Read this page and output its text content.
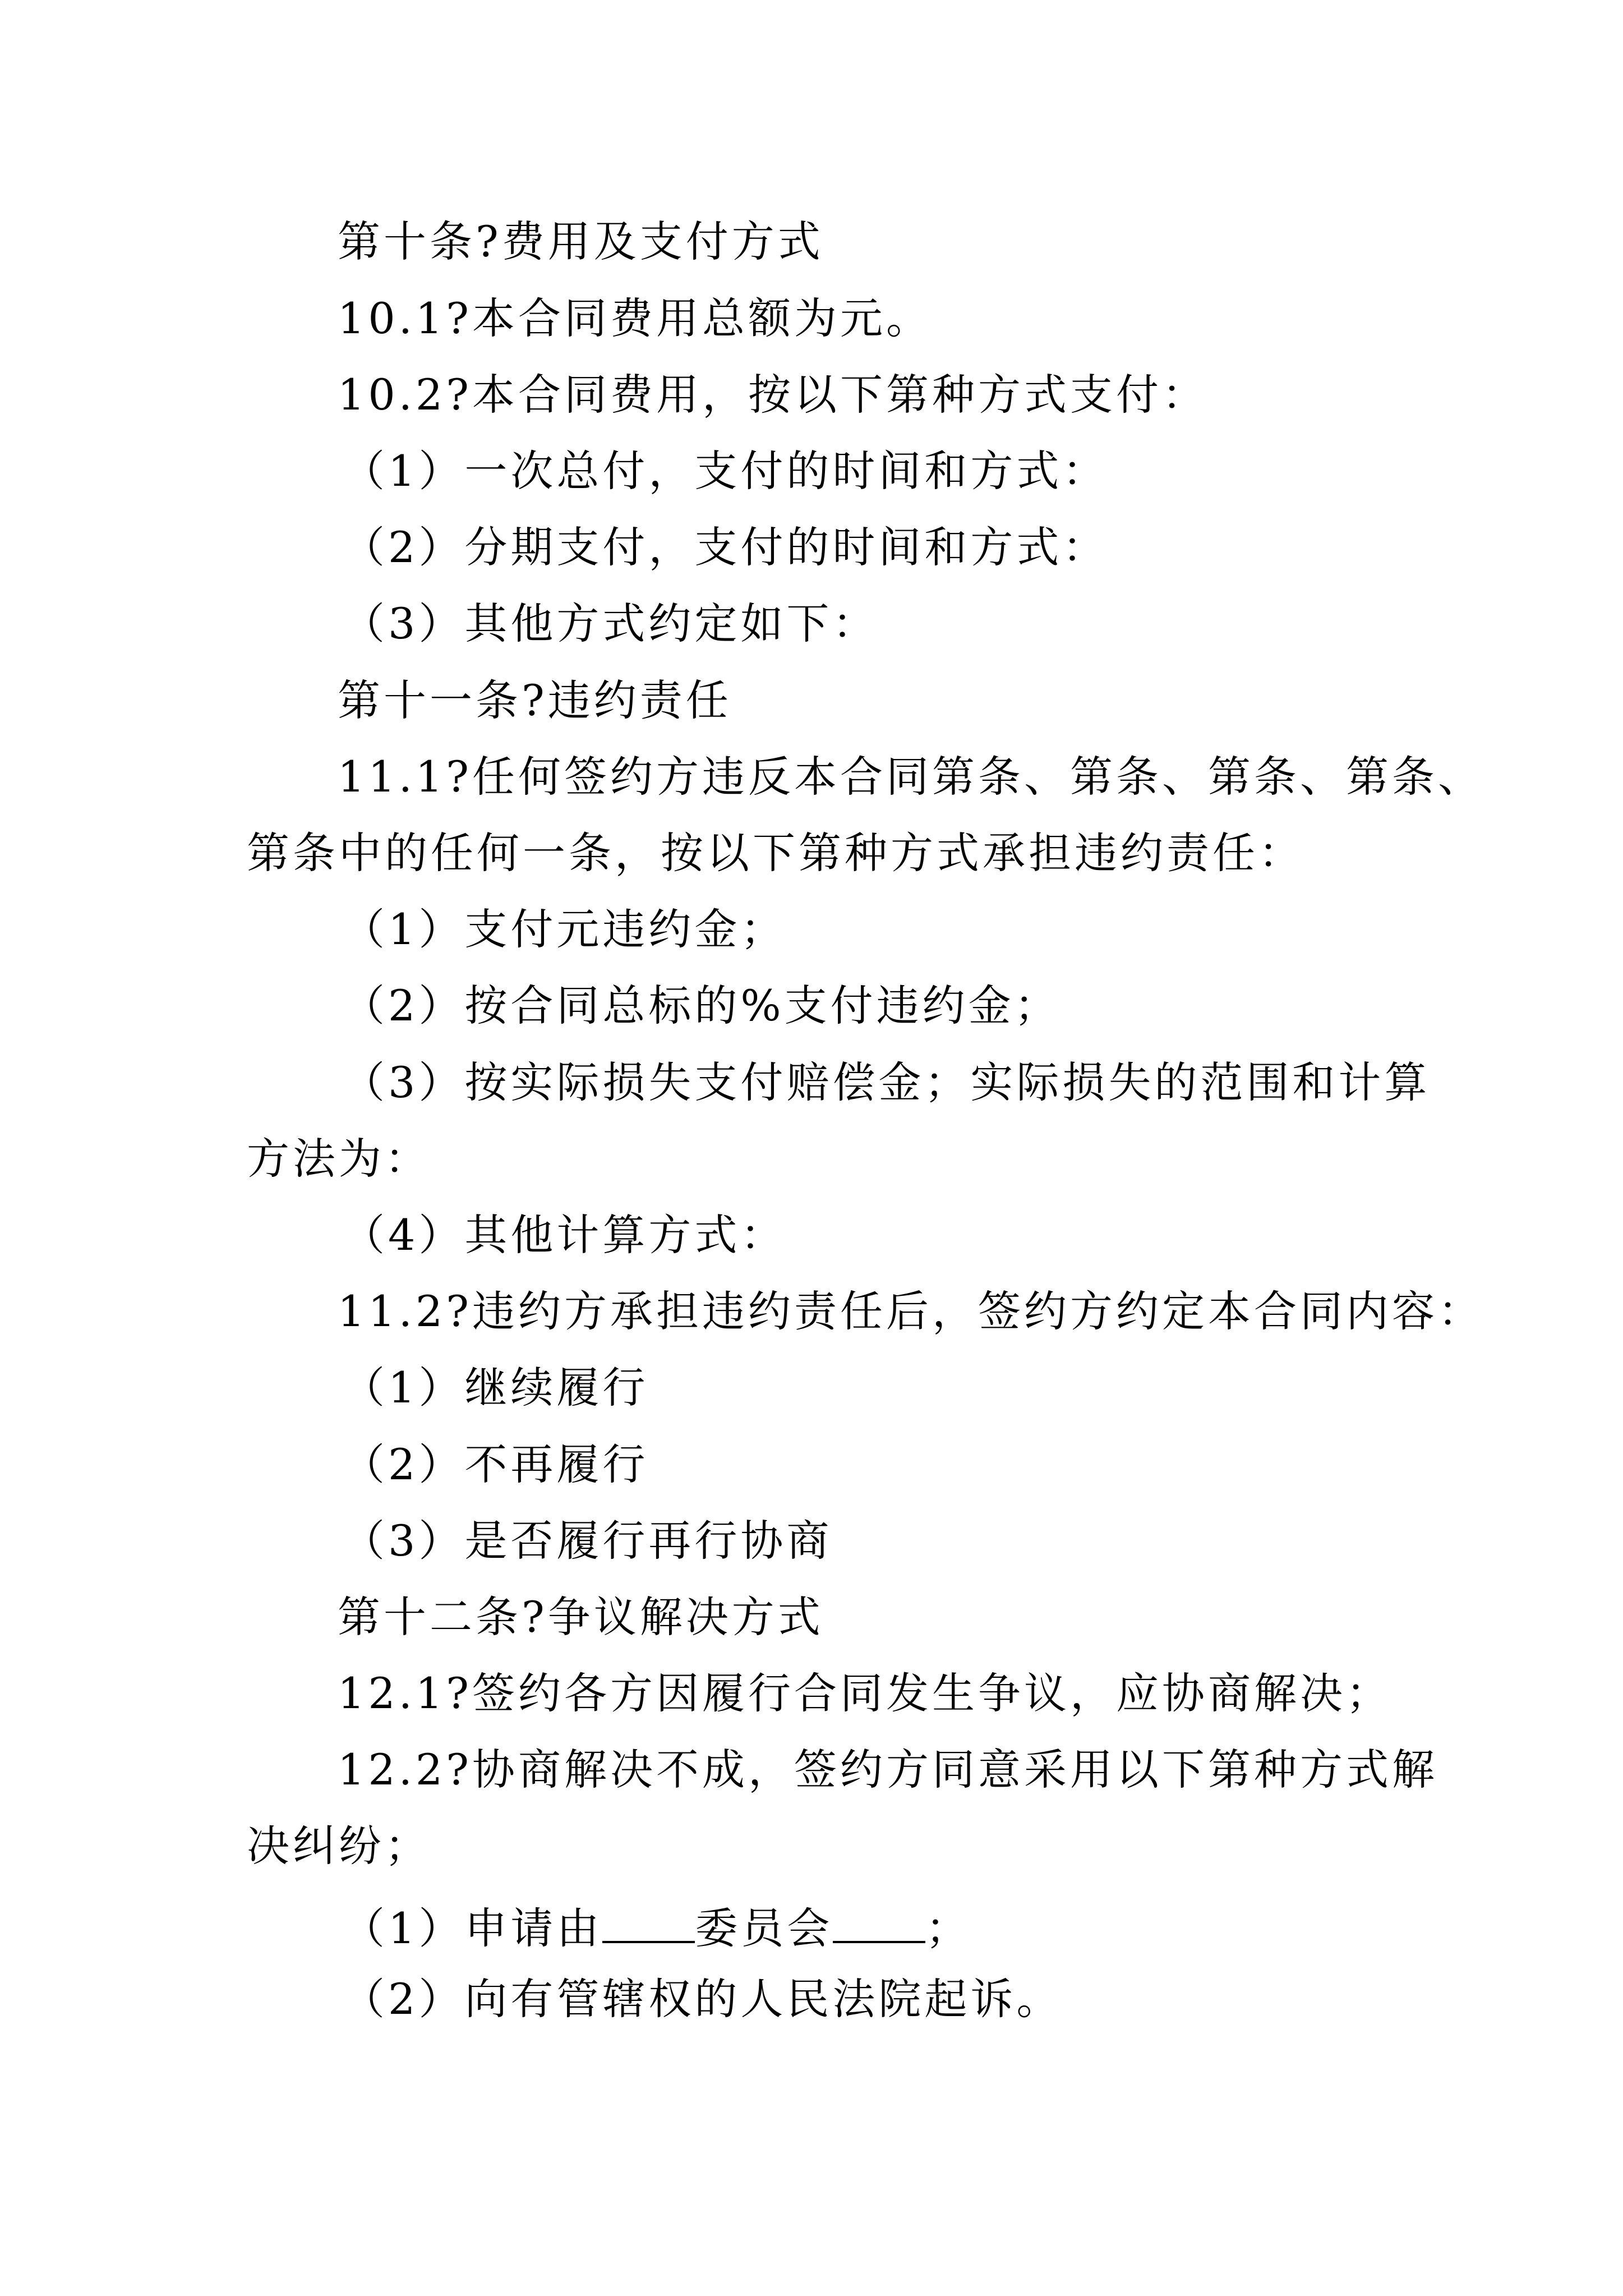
第十条?费用及支付方式
10.1?本合同费用总额为元。
10.2?本合同费用，按以下第种方式支付：
（1）一次总付，支付的时间和方式：
（2）分期支付，支付的时间和方式：
（3）其他方式约定如下：
第十一条?违约责任
11.1?任何签约方违反本合同第条、第条、第条、第条、
第条中的任何一条，按以下第种方式承担违约责任：
（1）支付元违约金；
（2）按合同总标的%支付违约金；
（3）按实际损失支付赔偿金；实际损失的范围和计算
方法为：
（4）其他计算方式：
11.2?违约方承担违约责任后，签约方约定本合同内容：
（1）继续履行
（2）不再履行
（3）是否履行再行协商
第十二条?争议解决方式
12.1?签约各方因履行合同发生争议，应协商解决；
12.2?协商解决不成，签约方同意采用以下第种方式解
决纠纷；
（1）申请由 委员会 ；
（2）向有管辖权的人民法院起诉。
